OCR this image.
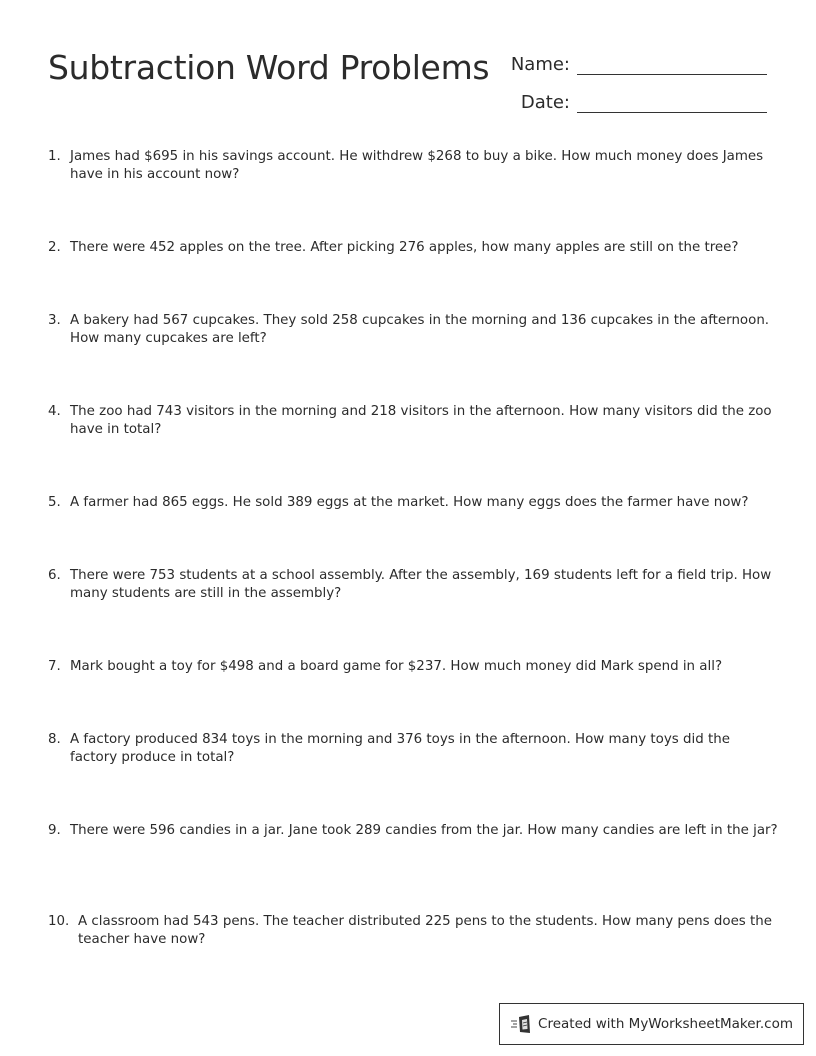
Subtraction Word Problems Name:
Date:
1. James had $695 in his savings account. He withdrew $268 to buy a bike. How much money does James have in his account now?
2. There were 452 apples on the tree. After picking 276 apples, how many apples are still on the tree?
3. A bakery had 567 cupcakes. They sold 258 cupcakes in the morning and 136 cupcakes in the afternoon. How many cupcakes are left?
4. The zoo had 743 visitors in the morning and 218 visitors in the afternoon. How many visitors did the zoo have in total?
5. A farmer had 865 eggs. He sold 389 eggs at the market. How many eggs does the farmer have now?
6. There were 753 students at a school assembly. After the assembly, 169 students left for a field trip. How many students are still in the assembly?
7. Mark bought a toy for $498 and a board game for $237. How much money did Mark spend in all?
8. A factory produced 834 toys in the morning and 376 toys in the afternoon. How many toys did the factory produce in total?
9. There were 596 candies in a jar. Jane took 289 candies from the jar. How many candies are left in the jar?
10. A classroom had 543 pens. The teacher distributed 225 pens to the students. How many pens does the teacher have now?
Created with MyWorksheetMaker.com
